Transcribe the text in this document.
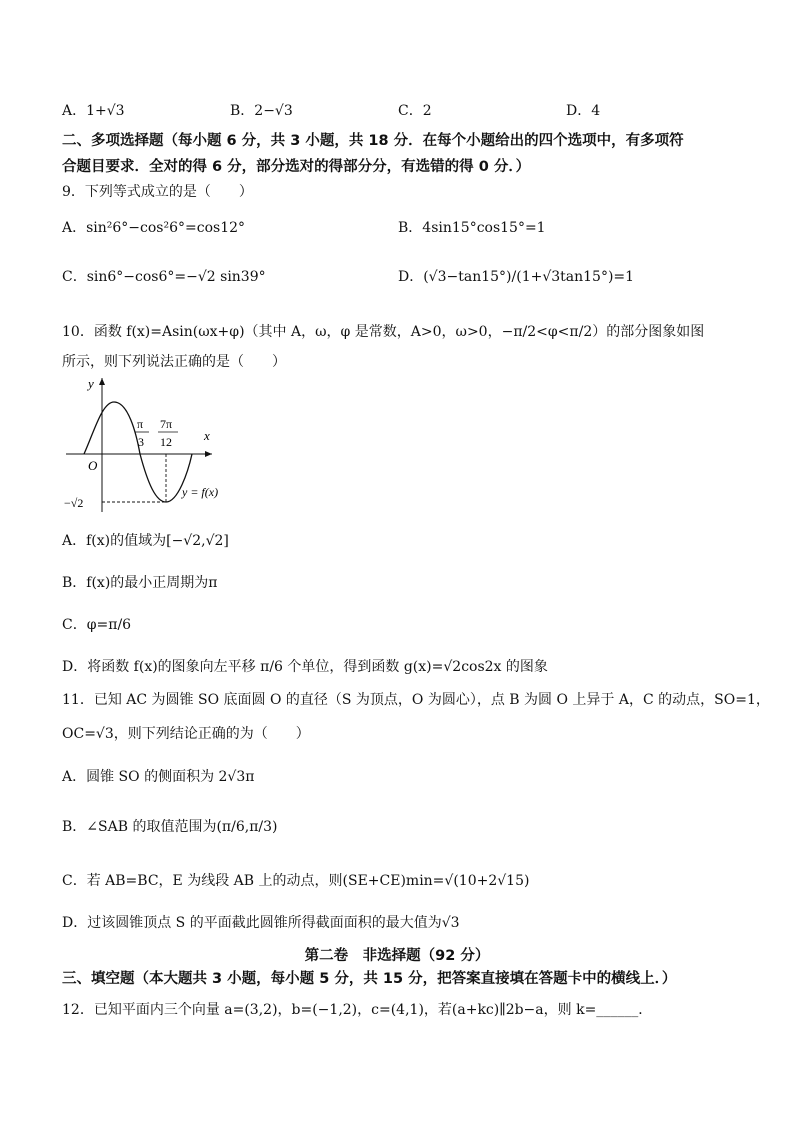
A．1+√3	B．2−√3	C．2	D．4
二、多项选择题（每小题 6 分，共 3 小题，共 18 分．在每个小题给出的四个选项中，有多项符
合题目要求．全对的得 6 分，部分选对的得部分分，有选错的得 0 分．）
9．下列等式成立的是（　　）
A．sin²6°−cos²6°=cos12°	B．4sin15°cos15°=1
C．sin6°−cos6°=−√2 sin39°	D．(√3−tan15°)/(1+√3tan15°)=1
10．函数 f(x)=Asin(ωx+φ)（其中 A，ω，φ 是常数，A>0，ω>0，−π/2<φ<π/2）的部分图象如图
所示，则下列说法正确的是（　　）
y
x
O
π
3
7π
12
−√2
y = f(x)
A．f(x)的值域为[−√2,√2]
B．f(x)的最小正周期为π
C．φ=π/6
D．将函数 f(x)的图象向左平移 π/6 个单位，得到函数 g(x)=√2cos2x 的图象
11．已知 AC 为圆锥 SO 底面圆 O 的直径（S 为顶点，O 为圆心），点 B 为圆 O 上异于 A，C 的动点，SO=1，
OC=√3，则下列结论正确的为（　　）
A．圆锥 SO 的侧面积为 2√3π
B．∠SAB 的取值范围为(π/6,π/3)
C．若 AB=BC，E 为线段 AB 上的动点，则(SE+CE)min=√(10+2√15)
D．过该圆锥顶点 S 的平面截此圆锥所得截面面积的最大值为√3
第二卷　非选择题（92 分）
三、填空题（本大题共 3 小题，每小题 5 分，共 15 分，把答案直接填在答题卡中的横线上．）
12．已知平面内三个向量 a=(3,2)，b=(−1,2)，c=(4,1)，若(a+kc)∥2b−a，则 k=______．
